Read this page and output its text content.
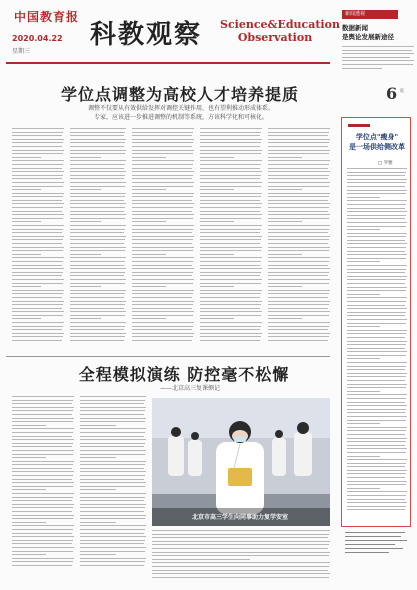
中国教育报
2020.04.22
星期三
科教观察 Science&Education
Observation
新闻透视
数据新闻
是舆论发展新途径
6 版
学位点调整为高校人才培养提质
调整不仅要从有效供给发挥对调控关键作用，也有望利推动形成体系。
专家，应该进一步推进调整的机制等系统，方该科学化和可核化。
全程模拟演练 防控毫不松懈
——北京高三复课侧记
北京市高三学生向同事助力复学安室
学位点"瘦身"
是一场供给侧改革
□ 罗雅
